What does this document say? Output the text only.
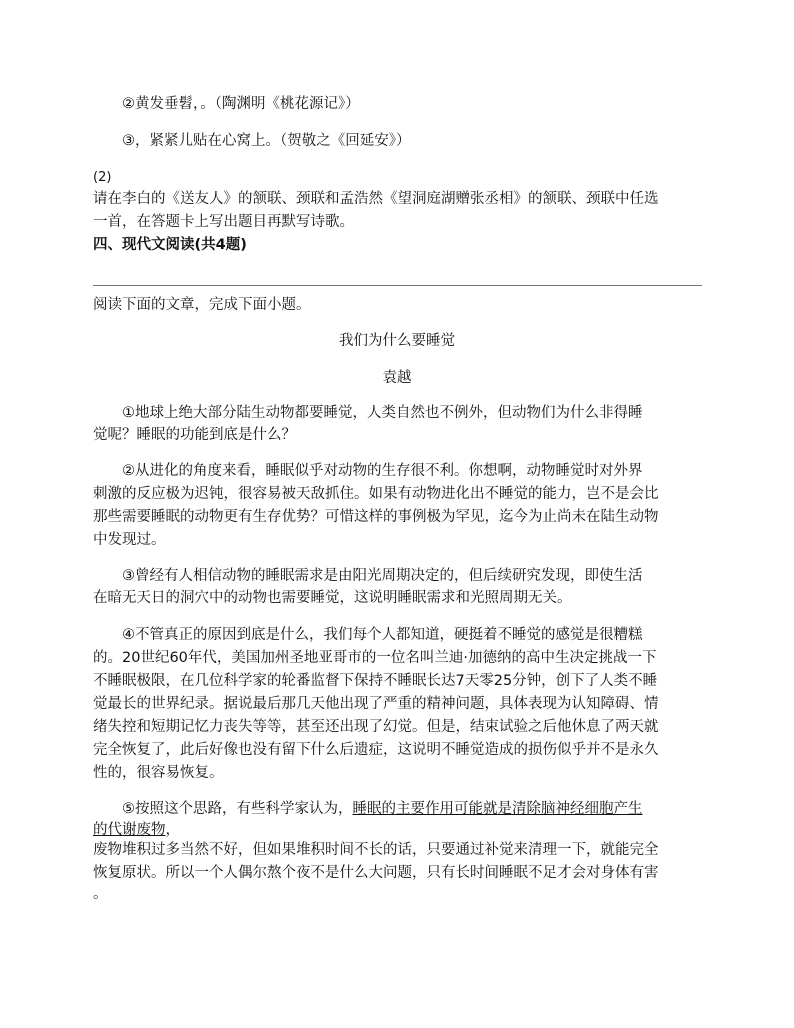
②黄发垂髫，。（陶渊明《桃花源记》）
③，紧紧儿贴在心窝上。（贺敬之《回延安》）
(2)
请在李白的《送友人》的颔联、颈联和孟浩然《望洞庭湖赠张丞相》的颔联、颈联中任选
一首，在答题卡上写出题目再默写诗歌。
四、现代文阅读(共4题)
阅读下面的文章，完成下面小题。
我们为什么要睡觉
袁越
①地球上绝大部分陆生动物都要睡觉，人类自然也不例外，但动物们为什么非得睡
觉呢？睡眠的功能到底是什么？
②从进化的角度来看，睡眠似乎对动物的生存很不利。你想啊，动物睡觉时对外界
刺激的反应极为迟钝，很容易被天敌抓住。如果有动物进化出不睡觉的能力，岂不是会比
那些需要睡眠的动物更有生存优势？可惜这样的事例极为罕见，迄今为止尚未在陆生动物
中发现过。
③曾经有人相信动物的睡眠需求是由阳光周期决定的，但后续研究发现，即使生活
在暗无天日的洞穴中的动物也需要睡觉，这说明睡眠需求和光照周期无关。
④不管真正的原因到底是什么，我们每个人都知道，硬挺着不睡觉的感觉是很糟糕
的。20世纪60年代，美国加州圣地亚哥市的一位名叫兰迪·加德纳的高中生决定挑战一下
不睡眠极限，在几位科学家的轮番监督下保持不睡眠长达7天零25分钟，创下了人类不睡
觉最长的世界纪录。据说最后那几天他出现了严重的精神问题，具体表现为认知障碍、情
绪失控和短期记忆力丧失等等，甚至还出现了幻觉。但是，结束试验之后他休息了两天就
完全恢复了，此后好像也没有留下什么后遗症，这说明不睡觉造成的损伤似乎并不是永久
性的，很容易恢复。
⑤按照这个思路，有些科学家认为，睡眠的主要作用可能就是清除脑神经细胞产生
的代谢废物，
废物堆积过多当然不好，但如果堆积时间不长的话，只要通过补觉来清理一下，就能完全
恢复原状。所以一个人偶尔熬个夜不是什么大问题，只有长时间睡眠不足才会对身体有害
。
